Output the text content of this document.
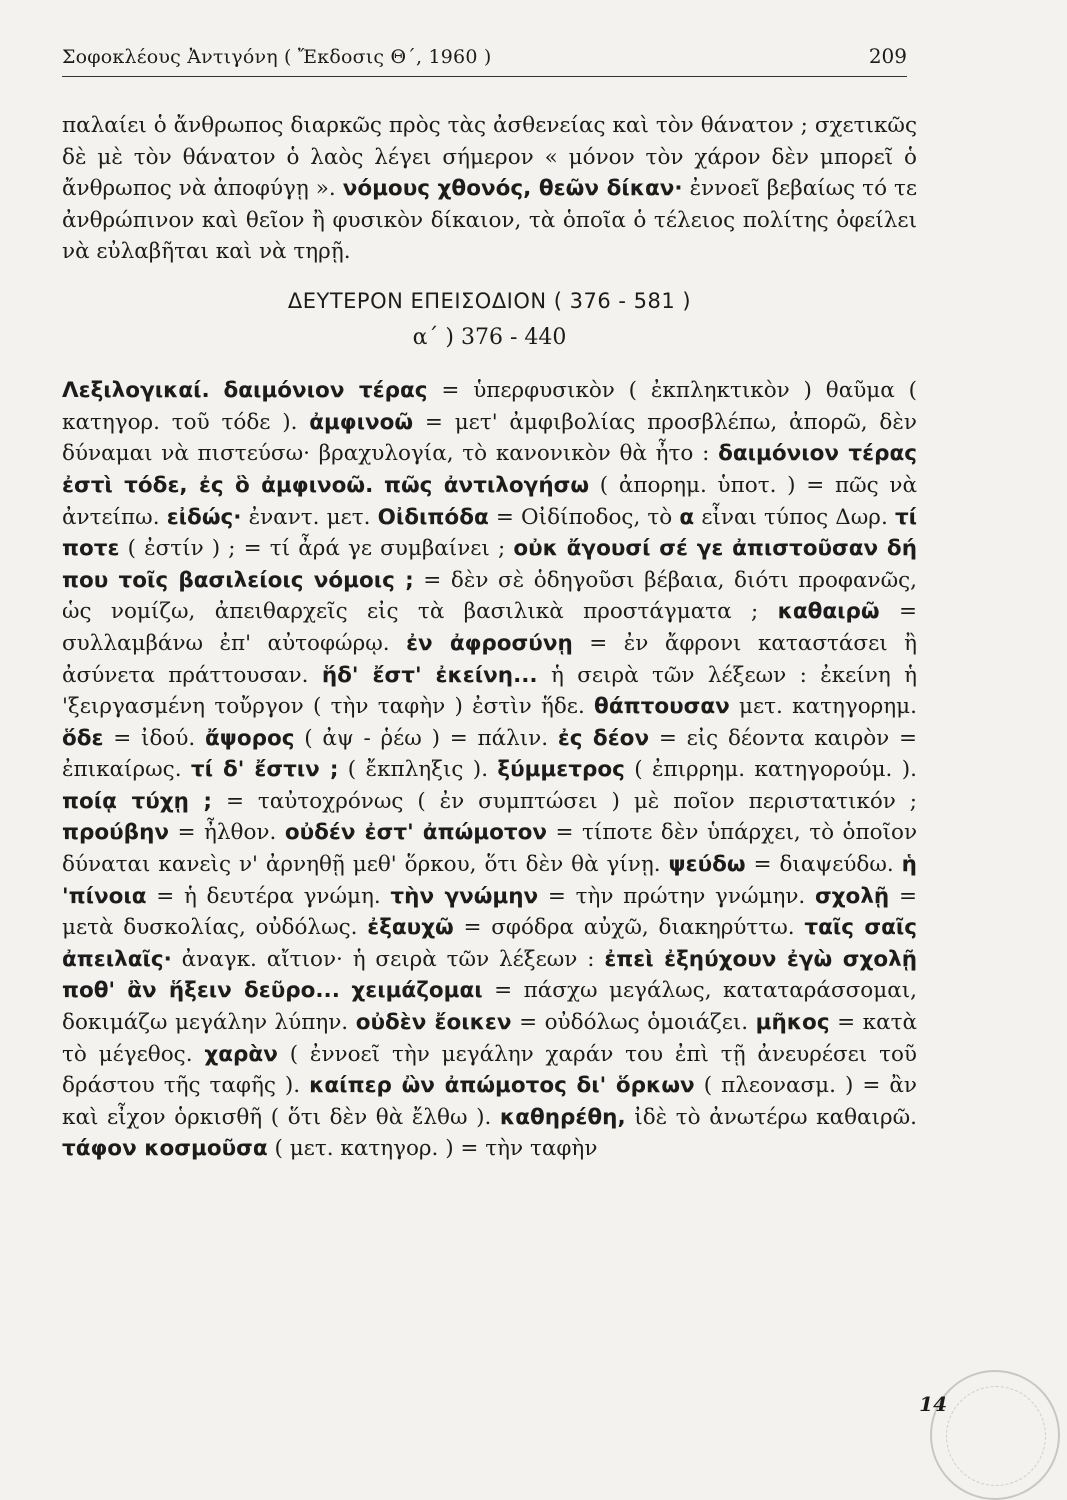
Σοφοκλέους Ἀντιγόνη ( Ἔκδοσις Θ΄, 1960 )	209

παλαίει ὁ ἄνθρωπος διαρκῶς πρὸς τὰς ἀσθενείας καὶ τὸν θάνατον ; σχετικῶς δὲ μὲ τὸν θάνατον ὁ λαὸς λέγει σήμερον « μόνον τὸν χάρον δὲν μπορεῖ ὁ ἄνθρωπος νὰ ἀποφύγῃ ». νόμους χθονός, θεῶν δίκαν· ἐννοεῖ βεβαίως τό τε ἀνθρώπινον καὶ θεῖον ἢ φυσικὸν δίκαιον, τὰ ὁποῖα ὁ τέλειος πολίτης ὀφείλει νὰ εὐλαβῆται καὶ νὰ τηρῇ.

ΔΕΥΤΕΡΟΝ ΕΠΕΙΣΟΔΙΟΝ ( 376 - 581 )
α΄ ) 376 - 440

Λεξιλογικαί. δαιμόνιον τέρας = ὑπερφυσικὸν ( ἐκπληκτικὸν ) θαῦμα ( κατηγορ. τοῦ τόδε ). ἀμφινοῶ = μετ' ἀμφιβολίας προσβλέπω, ἀπορῶ, δὲν δύναμαι νὰ πιστεύσω· βραχυλογία, τὸ κανονικὸν θὰ ἦτο : δαιμόνιον τέρας ἐστὶ τόδε, ἐς ὃ ἀμφινοῶ. πῶς ἀντιλογήσω ( ἀπορημ. ὑποτ. ) = πῶς νὰ ἀντείπω. εἰδώς· ἐναντ. μετ. Οἰδιπόδα = Οἰδίποδος, τὸ α εἶναι τύπος Δωρ. τί ποτε ( ἐστίν ) ; = τί ἆρά γε συμβαίνει ; οὐκ ἄγουσί σέ γε ἀπιστοῦσαν δή που τοῖς βασιλείοις νόμοις ; = δὲν σὲ ὁδηγοῦσι βέβαια, διότι προφανῶς, ὡς νομίζω, ἀπειθαρχεῖς εἰς τὰ βασιλικὰ προστάγματα ; καθαιρῶ = συλλαμβάνω ἐπ' αὐτοφώρῳ. ἐν ἀφροσύνῃ = ἐν ἄφρονι καταστάσει ἢ ἀσύνετα πράττουσαν. ἥδ' ἔστ' ἐκείνη... ἡ σειρὰ τῶν λέξεων : ἐκείνη ἡ 'ξειργασμένη τοὔργον ( τὴν ταφὴν ) ἐστὶν ἥδε. θάπτουσαν μετ. κατηγορημ. ὅδε = ἰδού. ἄψορος ( ἀψ - ῥέω ) = πάλιν. ἐς δέον = εἰς δέοντα καιρὸν = ἐπικαίρως. τί δ' ἔστιν ; ( ἔκπληξις ). ξύμμετρος ( ἐπιρρημ. κατηγορούμ. ). ποίᾳ τύχῃ ; = ταὐτοχρόνως ( ἐν συμπτώσει ) μὲ ποῖον περιστατικόν ; προύβην = ἦλθον. οὐδέν ἐστ' ἀπώμοτον = τίποτε δὲν ὑπάρχει, τὸ ὁποῖον δύναται κανεὶς ν' ἀρνηθῇ μεθ' ὅρκου, ὅτι δὲν θὰ γίνῃ. ψεύδω = διαψεύδω. ἡ 'πίνοια = ἡ δευτέρα γνώμη. τὴν γνώμην = τὴν πρώτην γνώμην. σχολῇ = μετὰ δυσκολίας, οὐδόλως. ἐξαυχῶ = σφόδρα αὐχῶ, διακηρύττω. ταῖς σαῖς ἀπειλαῖς· ἀναγκ. αἴτιον· ἡ σειρὰ τῶν λέξεων : ἐπεὶ ἐξηύχουν ἐγὼ σχολῇ ποθ' ἂν ἥξειν δεῦρο... χειμάζομαι = πάσχω μεγάλως, καταταράσσομαι, δοκιμάζω μεγάλην λύπην. οὐδὲν ἔοικεν = οὐδόλως ὁμοιάζει. μῆκος = κατὰ τὸ μέγεθος. χαρὰν ( ἐννοεῖ τὴν μεγάλην χαράν του ἐπὶ τῇ ἀνευρέσει τοῦ δράστου τῆς ταφῆς ). καίπερ ὢν ἀπώμοτος δι' ὅρκων ( πλεονασμ. ) = ἂν καὶ εἶχον ὁρκισθῆ ( ὅτι δὲν θὰ ἔλθω ). καθηρέθη, ἰδὲ τὸ ἀνωτέρω καθαιρῶ. τάφον κοσμοῦσα ( μετ. κατηγορ. ) = τὴν ταφὴν

14
